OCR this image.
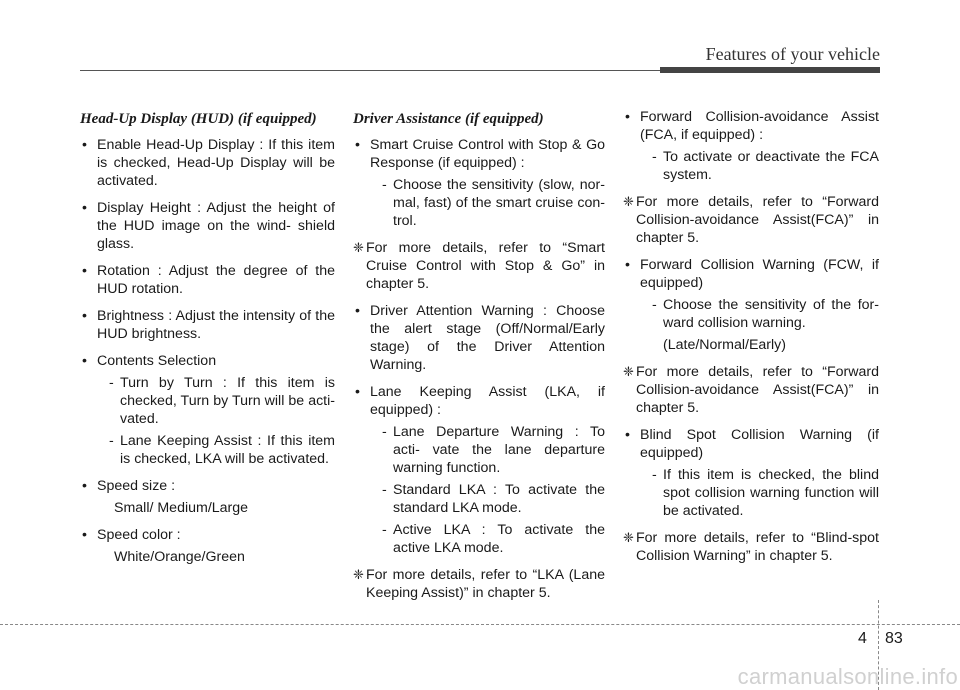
Features of your vehicle
Head-Up Display (HUD) (if equipped)
• Enable Head-Up Display : If this item is checked, Head-Up Display will be activated.
• Display Height : Adjust the height of the HUD image on the wind- shield glass.
• Rotation : Adjust the degree of the HUD rotation.
• Brightness : Adjust the intensity of the HUD brightness.
• Contents Selection
- Turn by Turn : If this item is checked, Turn by Turn will be acti- vated.
- Lane Keeping Assist : If this item is checked, LKA will be activated.
• Speed size :
Small/ Medium/Large
• Speed color :
White/Orange/Green
Driver Assistance (if equipped)
• Smart Cruise Control with Stop & Go Response (if equipped) :
- Choose the sensitivity (slow, nor- mal, fast) of the smart cruise con- trol.
❈ For more details, refer to “Smart Cruise Control with Stop & Go” in chapter 5.
• Driver Attention Warning : Choose the alert stage (Off/Normal/Early stage) of the Driver Attention Warning.
• Lane Keeping Assist (LKA, if equipped) :
- Lane Departure Warning : To acti- vate the lane departure warning function.
- Standard LKA : To activate the standard LKA mode.
- Active LKA : To activate the active LKA mode.
❈ For more details, refer to “LKA (Lane Keeping Assist)” in chapter 5.
• Forward Collision-avoidance Assist (FCA, if equipped) :
- To activate or deactivate the FCA system.
❈ For more details, refer to “Forward Collision-avoidance Assist(FCA)” in chapter 5.
• Forward Collision Warning (FCW, if equipped)
- Choose the sensitivity of the for- ward collision warning.
(Late/Normal/Early)
❈ For more details, refer to “Forward Collision-avoidance Assist(FCA)” in chapter 5.
• Blind Spot Collision Warning (if equipped)
- If this item is checked, the blind spot collision warning function will be activated.
❈ For more details, refer to “Blind-spot Collision Warning” in chapter 5.
4 83
carmanualsonline.info
